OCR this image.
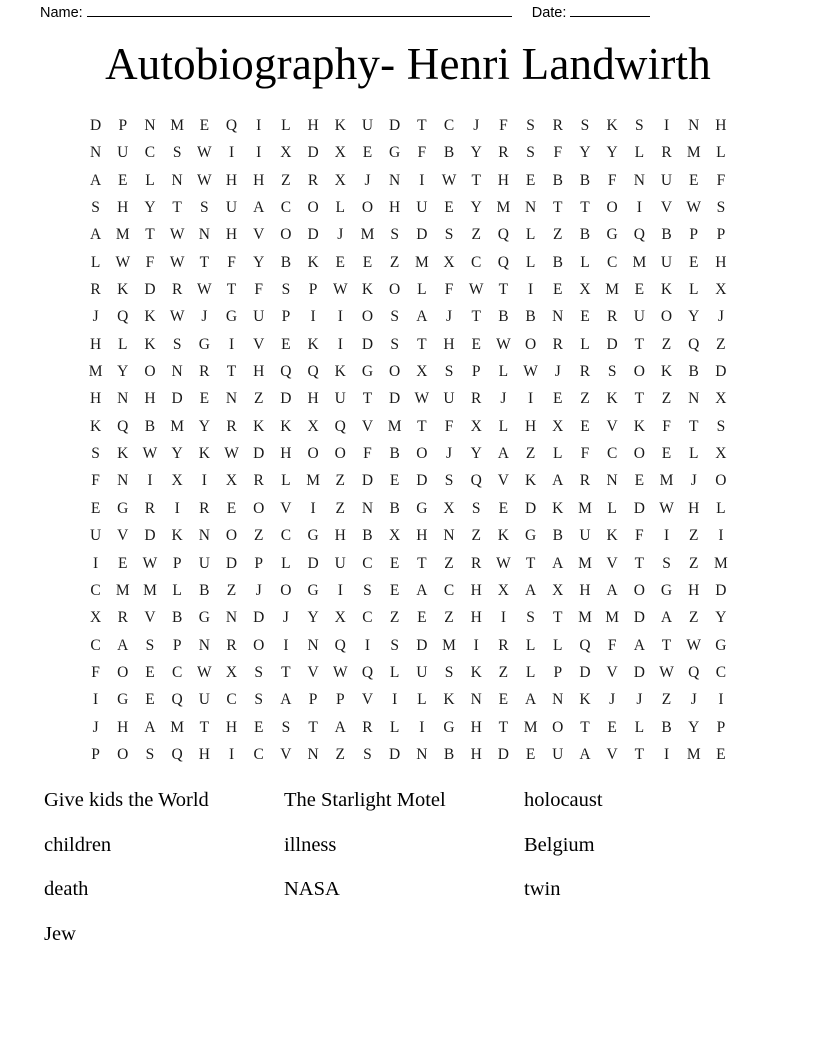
Name:	Date:
Autobiography- Henri Landwirth
D	P	N M	E	Q	I	L	H	K	U	D	T	C	J	F	S	R	S	K	S	I	N	H
N	U	C	S	W	I	I	X	D	X	E	G	F	B	Y	R	S	F	Y	Y	L	R M	L
A	E	L	N W H	H	Z	R	X	J	N	I	W T	H	E	B	B	F	N	U	E	F
S	H	Y	T	S	U	A	C	O	L	O	H	U	E	Y M N	T	T	O	I	V W	S
A M	T W N	H	V	O	D	J	M	S	D	S	Z	Q	L	Z	B	G	Q	B	P	P
L W	F	W T	F	Y	B	K	E	E	Z	M X	C	Q	L	B	L	C M U	E	H
R	K	D	R W T	F	S	P	W K	O	L	F	W T	I	E	X M	E	K	L	X
J	Q	K W	J	G	U	P	I	I	O	S	A	J	T	B	B	N	E	R	U	O	Y	J
H	L	K	S	G	I	V	E	K	I	D	S	T	H	E W O	R	L	D	T	Z	Q	Z
M Y	O	N	R	T	H	Q	Q	K	G	O	X	S	P	L W	J	R	S	O	K	B	D
H	N	H	D	E	N	Z	D	H	U	T	D W U	R	J	I	E	Z	K	T	Z	N	X
K	Q	B M Y	R	K	K	X	Q	V M	T	F	X	L	H	X	E	V	K	F	T	S
S	K W Y	K W D	H	O	O	F	B	O	J	Y	A	Z	L	F	C	O	E	L	X
F	N	I	X	I	X	R	L	M	Z	D	E	D	S	Q	V	K	A	R	N	E	M	J	O
E	G	R	I	R	E	O	V	I	Z	N	B	G	X	S	E	D	K M	L	D W H	L
U	V	D	K	N	O	Z	C	G	H	B	X	H	N	Z	K	G	B	U	K	F	I	Z	I
I	E W	P	U	D	P	L	D	U	C	E	T	Z	R W T	A M V	T	S	Z	M
C M M	L	B	Z	J	O	G	I	S	E	A	C	H	X	A	X	H	A	O	G	H	D
X	R	V	B	G	N	D	J	Y	X	C	Z	E	Z	H	I	S	T	M M D	A	Z	Y
C	A	S	P	N	R	O	I	N	Q	I	S	D M	I	R	L	L	Q	F	A	T W G
F	O	E	C W X	S	T	V W Q	L	U	S	K	Z	L	P	D	V	D W Q	C
I	G	E	Q	U	C	S	A	P	P	V	I	L	K	N	E	A	N	K	J	J	Z	J	I
J	H	A M	T	H	E	S	T	A	R	L	I	G	H	T	M O	T	E	L	B	Y	P
P	O	S	Q	H	I	C	V	N	Z	S	D	N	B	H	D	E	U	A	V	T	I	M	E
Give kids the World	The Starlight Motel	holocaust
children	illness	Belgium
death	NASA	twin
Jew
